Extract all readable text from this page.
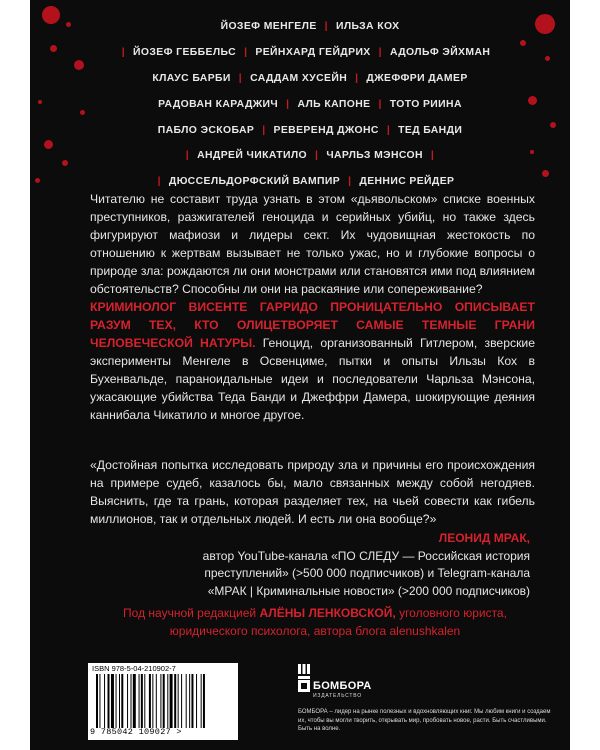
ЙОЗЕФ МЕНГЕЛЕ | ИЛЬЗА КОХ
| ЙОЗЕФ ГЕББЕЛЬС | РЕЙНХАРД ГЕЙДРИХ | АДОЛЬФ ЭЙХМАН
КЛАУС БАРБИ | САДДАМ ХУСЕЙН | ДЖЕФФРИ ДАМЕР
РАДОВАН КАРАДЖИЧ | АЛЬ КАПОНЕ | ТОТО РИИНА
ПАБЛО ЭСКОБАР | РЕВЕРЕНД ДЖОНС | ТЕД БАНДИ
| АНДРЕЙ ЧИКАТИЛО | ЧАРЛЬЗ МЭНСОН |
| ДЮССЕЛЬДОРФСКИЙ ВАМПИР | ДЕННИС РЕЙДЕР

Читателю не составит труда узнать в этом «дьявольском» списке военных преступников, разжигателей геноцида и серийных убийц, но также здесь фигурируют мафиози и лидеры сект. Их чудовищная жестокость по отношению к жертвам вызывает не только ужас, но и глубокие вопросы о природе зла: рождаются ли они монстрами или становятся ими под влиянием обстоятельств? Способны ли они на раскаяние или сопереживание?

КРИМИНОЛОГ ВИСЕНТЕ ГАРРИДО ПРОНИЦАТЕЛЬНО ОПИСЫВАЕТ РАЗУМ ТЕХ, КТО ОЛИЦЕТВОРЯЕТ САМЫЕ ТЕМНЫЕ ГРАНИ ЧЕЛОВЕЧЕСКОЙ НАТУРЫ. Геноцид, организованный Гитлером, зверские эксперименты Менгеле в Освенциме, пытки и опыты Ильзы Кох в Бухенвальде, параноидальные идеи и последователи Чарльза Мэнсона, ужасающие убийства Теда Банди и Джеффри Дамера, шокирующие деяния каннибала Чикатило и многое другое.

«Достойная попытка исследовать природу зла и причины его происхождения на примере судеб, казалось бы, мало связанных между собой негодяев. Выяснить, где та грань, которая разделяет тех, на чьей совести как гибель миллионов, так и отдельных людей. И есть ли она вообще?»

ЛЕОНИД МРАК,
автор YouTube-канала «ПО СЛЕДУ — Российская история
преступлений» (>500 000 подписчиков) и Telegram-канала
«МРАК | Криминальные новости» (>200 000 подписчиков)
Под научной редакцией АЛЁНЫ ЛЕНКОВСКОЙ, уголовного юриста,
юридического психолога, автора блога alenushkalen
ISBN 978-5-04-210902-7
9 785042 109027 >
БОМБОРА
ИЗДАТЕЛЬСТВО
БОМБОРА – лидер на рынке полезных и вдохновляющих книг. Мы любим книги и создаем их, чтобы вы могли творить, открывать мир, пробовать новое, расти. Быть счастливыми. Быть на волне.
